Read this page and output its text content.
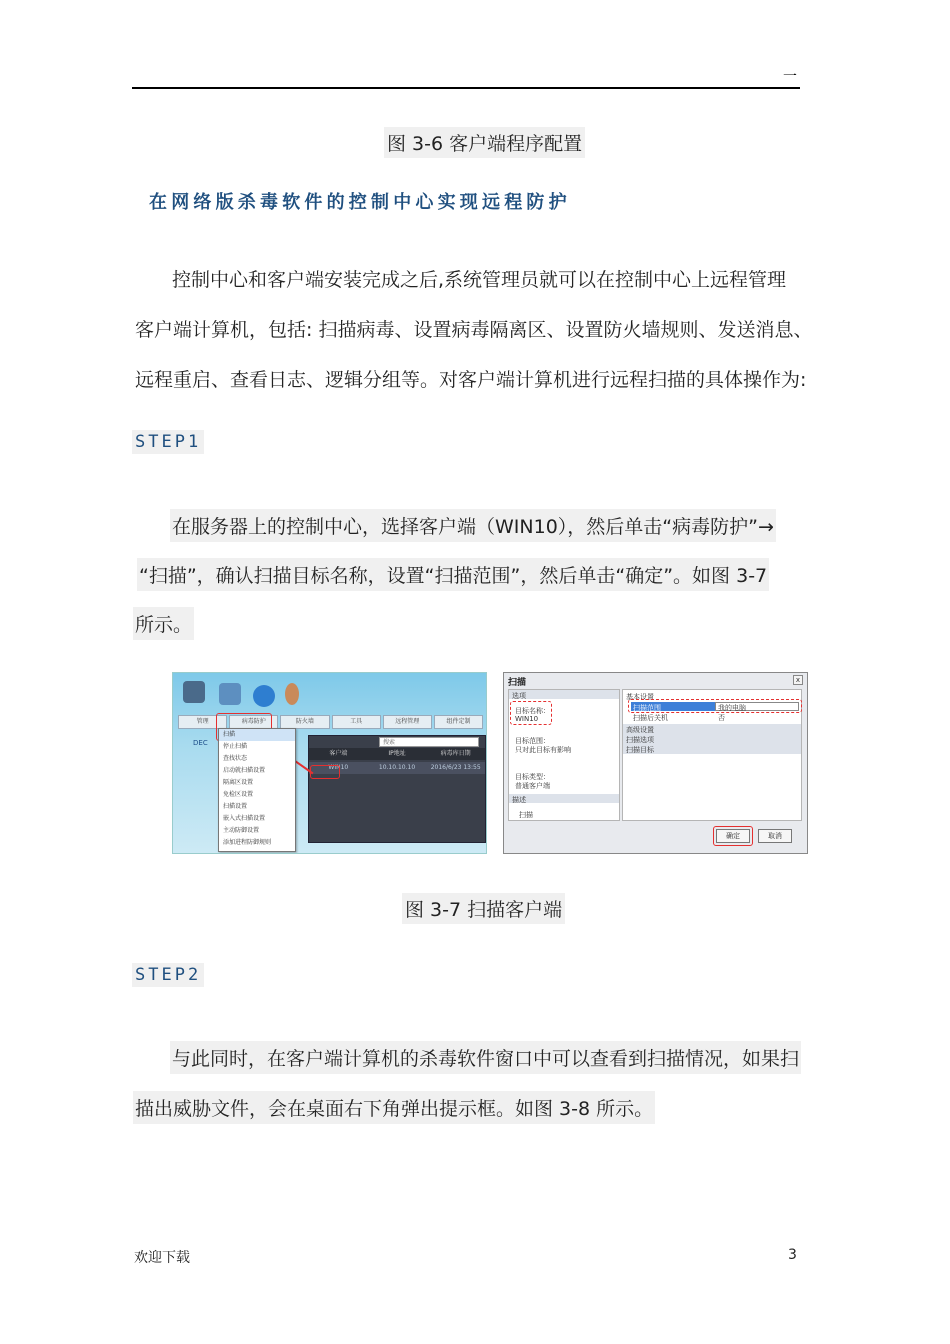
一
图 3-6 客户端程序配置
在网络版杀毒软件的控制中心实现远程防护
控制中心和客户端安装完成之后,系统管理员就可以在控制中心上远程管理
客户端计算机，包括: 扫描病毒、设置病毒隔离区、设置防火墙规则、发送消息、
远程重启、查看日志、逻辑分组等。对客户端计算机进行远程扫描的具体操作为:
STEP1
在服务器上的控制中心，选择客户端（WIN10），然后单击“病毒防护”→
“扫描”，确认扫描目标名称，设置“扫描范围”，然后单击“确定”。如图 3-7
所示。
管理	病毒防护	防火墙	工具	远程管理	组件定制
DEC	搜索
客户端	IP地址	病毒库日期
WIN10	10.10.10.10	2016/6/23 13:55
扫描
停止扫描
查找状态
启动就扫描设置
隔离区设置
免检区设置
扫描设置
嵌入式扫描设置
主动防御设置
添加进程防御规则
扫描	x
选项
目标名称：
WIN10
目标范围：
只对此目标有影响
目标类型：
普通客户端
描述
扫描
基本设置
扫描范围	我的电脑
扫描后关机	否
高级设置
扫描选项
扫描目标
确定	取消
图 3-7 扫描客户端
STEP2
与此同时，在客户端计算机的杀毒软件窗口中可以查看到扫描情况，如果扫
描出威胁文件，会在桌面右下角弹出提示框。如图 3-8 所示。
欢迎下载	3
